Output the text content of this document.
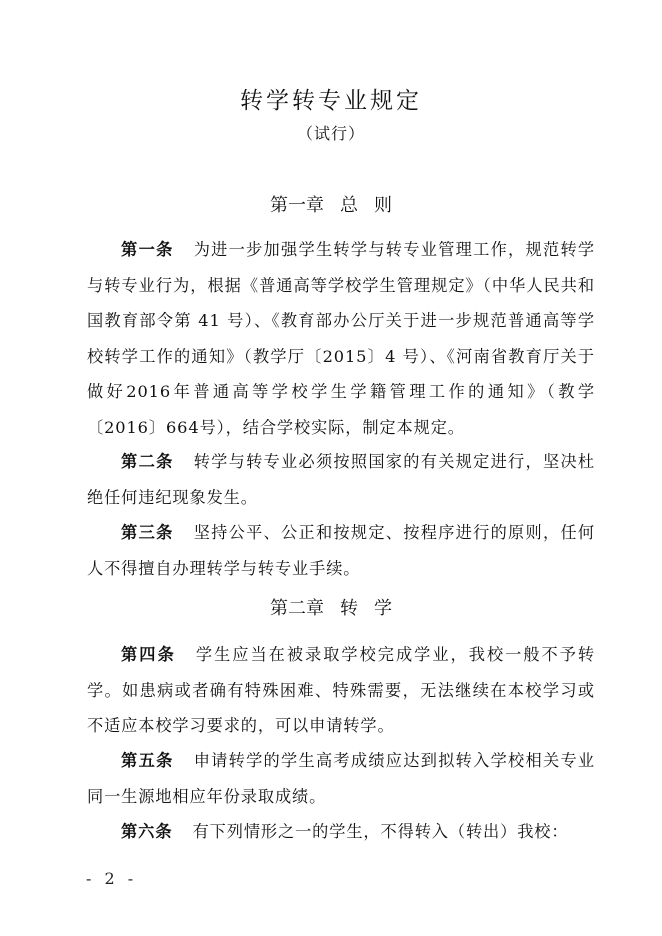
转学转专业规定
（试行）
第一章 总 则
第一条 为进一步加强学生转学与转专业管理工作，规范转学与转专业行为，根据《普通高等学校学生管理规定》（中华人民共和国教育部令第 41 号）、《教育部办公厅关于进一步规范普通高等学校转学工作的通知》（教学厅〔2015〕4 号）、《河南省教育厅关于做好2016年普通高等学校学生学籍管理工作的通知》（教学〔2016〕664号），结合学校实际，制定本规定。
第二条 转学与转专业必须按照国家的有关规定进行，坚决杜绝任何违纪现象发生。
第三条 坚持公平、公正和按规定、按程序进行的原则，任何人不得擅自办理转学与转专业手续。
第二章 转 学
第四条 学生应当在被录取学校完成学业，我校一般不予转学。如患病或者确有特殊困难、特殊需要，无法继续在本校学习或不适应本校学习要求的，可以申请转学。
第五条 申请转学的学生高考成绩应达到拟转入学校相关专业同一生源地相应年份录取成绩。
第六条 有下列情形之一的学生，不得转入（转出）我校：
- 2 -
